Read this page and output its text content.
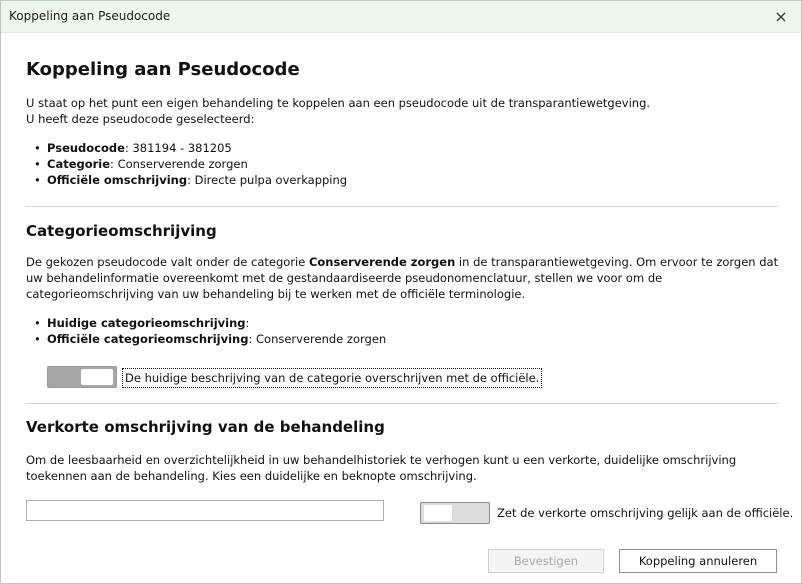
Koppeling aan Pseudocode	×
Koppeling aan Pseudocode

U staat op het punt een eigen behandeling te koppelen aan een pseudocode uit de transparantiewetgeving.
U heeft deze pseudocode geselecteerd:

• Pseudocode: 381194 - 381205
• Categorie: Conserverende zorgen
• Officiële omschrijving: Directe pulpa overkapping
Categorieomschrijving

De gekozen pseudocode valt onder de categorie Conserverende zorgen in de transparantiewetgeving. Om ervoor te zorgen dat uw behandelinformatie overeenkomt met de gestandaardiseerde pseudonomenclatuur, stellen we voor om de categorieomschrijving van uw behandeling bij te werken met de officiële terminologie.

• Huidige categorieomschrijving:
• Officiële categorieomschrijving: Conserverende zorgen
De huidige beschrijving van de categorie overschrijven met de officiële.
Verkorte omschrijving van de behandeling

Om de leesbaarheid en overzichtelijkheid in uw behandelhistoriek te verhogen kunt u een verkorte, duidelijke omschrijving toekennen aan de behandeling. Kies een duidelijke en beknopte omschrijving.

Zet de verkorte omschrijving gelijk aan de officiële.
Bevestigen	Koppeling annuleren
